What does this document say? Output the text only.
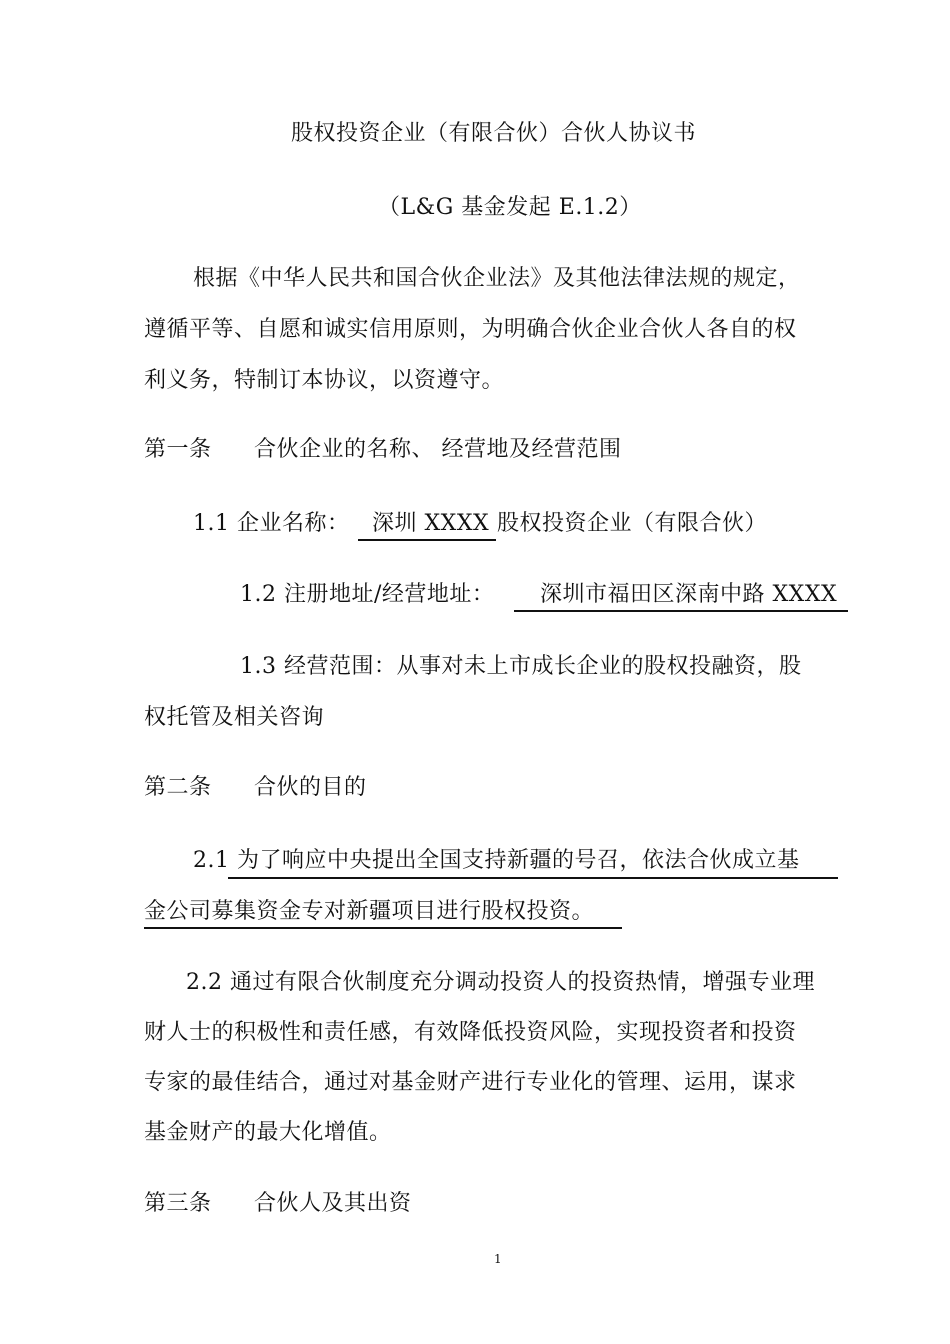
股权投资企业（有限合伙）合伙人协议书
（L&G 基金发起 E.1.2）
根据《中华人民共和国合伙企业法》及其他法律法规的规定，
遵循平等、自愿和诚实信用原则，为明确合伙企业合伙人各自的权
利义务，特制订本协议，以资遵守。
第一条 合伙企业的名称、 经营地及经营范围
1.1 企业名称： 深圳 XXXX 股权投资企业（有限合伙）
1.2 注册地址/经营地址： 深圳市福田区深南中路 XXXX
1.3 经营范围：从事对未上市成长企业的股权投融资，股
权托管及相关咨询
第二条 合伙的目的
2.1 为了响应中央提出全国支持新疆的号召，依法合伙成立基
金公司募集资金专对新疆项目进行股权投资。
2.2 通过有限合伙制度充分调动投资人的投资热情，增强专业理
财人士的积极性和责任感，有效降低投资风险，实现投资者和投资
专家的最佳结合，通过对基金财产进行专业化的管理、运用，谋求
基金财产的最大化增值。
第三条 合伙人及其出资
1
